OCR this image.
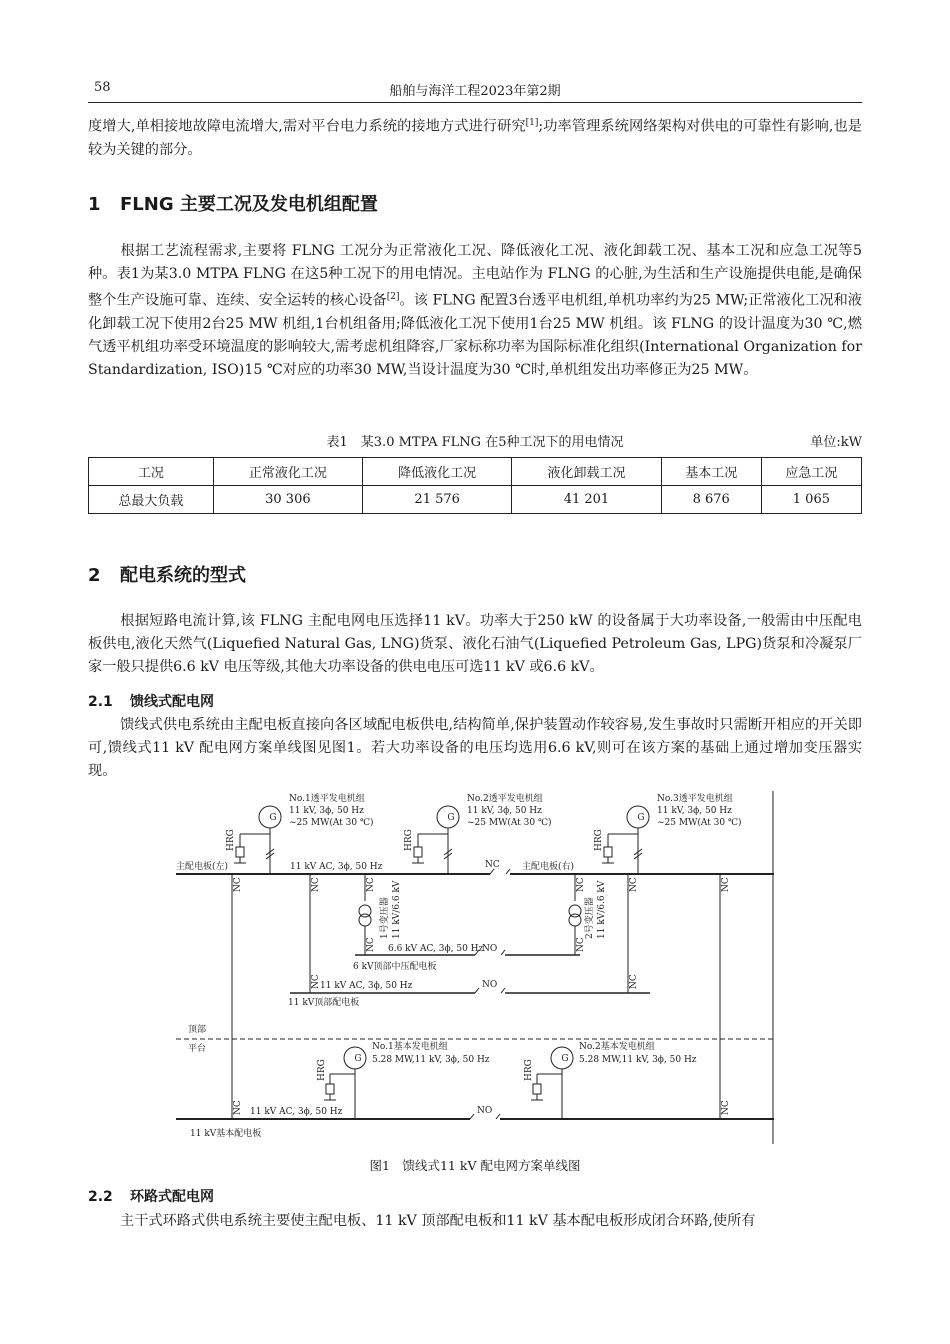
58	船舶与海洋工程2023年第2期

度增大,单相接地故障电流增大,需对平台电力系统的接地方式进行研究[1];功率管理系统网络架构对供电的可靠性有影响,也是较为关键的部分。

1 FLNG 主要工况及发电机组配置

根据工艺流程需求,主要将 FLNG 工况分为正常液化工况、降低液化工况、液化卸载工况、基本工况和应急工况等5种。表1为某3.0 MTPA FLNG 在这5种工况下的用电情况。主电站作为 FLNG 的心脏,为生活和生产设施提供电能,是确保整个生产设施可靠、连续、安全运转的核心设备[2]。该 FLNG 配置3台透平电机组,单机功率约为25 MW;正常液化工况和液化卸载工况下使用2台25 MW 机组,1台机组备用;降低液化工况下使用1台25 MW 机组。该 FLNG 的设计温度为30 ℃,燃气透平机组功率受环境温度的影响较大,需考虑机组降容,厂家标称功率为国际标准化组织(International Organization for Standardization, ISO)15 ℃对应的功率30 MW,当设计温度为30 ℃时,单机组发出功率修正为25 MW。

表1　某3.0 MTPA FLNG 在5种工况下的用电情况	单位:kW
工况	正常液化工况	降低液化工况	液化卸载工况	基本工况	应急工况
总最大负载	30 306	21 576	41 201	8 676	1 065
2 配电系统的型式

根据短路电流计算,该 FLNG 主配电网电压选择11 kV。功率大于250 kW 的设备属于大功率设备,一般需由中压配电板供电,液化天然气(Liquefied Natural Gas, LNG)货泵、液化石油气(Liquefied Petroleum Gas, LPG)货泵和冷凝泵厂家一般只提供6.6 kV 电压等级,其他大功率设备的供电电压可选11 kV 或6.6 kV。

2.1 馈线式配电网

馈线式供电系统由主配电板直接向各区域配电板供电,结构简单,保护装置动作较容易,发生事故时只需断开相应的开关即可,馈线式11 kV 配电网方案单线图见图1。若大功率设备的电压均选用6.6 kV,则可在该方案的基础上通过增加变压器实现。

G
No.1透平发电机组
11 kV, 3ϕ, 50 Hz
~25 MW(At 30 ℃)	G
No.2透平发电机组
11 kV, 3ϕ, 50 Hz
~25 MW(At 30 ℃)	G
No.3透平发电机组
11 kV, 3ϕ, 50 Hz
~25 MW(At 30 ℃)
HRG	HRG	HRG
主配电板(左)	11 kV AC, 3ϕ, 50 Hz	NC 主配电板(右)
NC	NC	NC	NC	NC	NC
1号变压器 11 kV/6.6 kV	2号变压器 11 kV/6.6 kV
NC	NC
6.6 kV AC, 3ϕ, 50 Hz
NO
6 kV顶部中压配电板
NC	NC
11 kV AC, 3ϕ, 50 Hz	NO
11 kV顶部配电板
顶部
平台
G
No.1基本发电机组
5.28 MW,11 kV, 3ϕ, 50 Hz	G
No.2基本发电机组
5.28 MW,11 kV, 3ϕ, 50 Hz
HRG	HRG
NC	NC
11 kV AC, 3ϕ, 50 Hz	NO
11 kV基本配电板
图1　馈线式11 kV 配电网方案单线图
2.2 环路式配电网

主干式环路式供电系统主要使主配电板、11 kV 顶部配电板和11 kV 基本配电板形成闭合环路,使所有
